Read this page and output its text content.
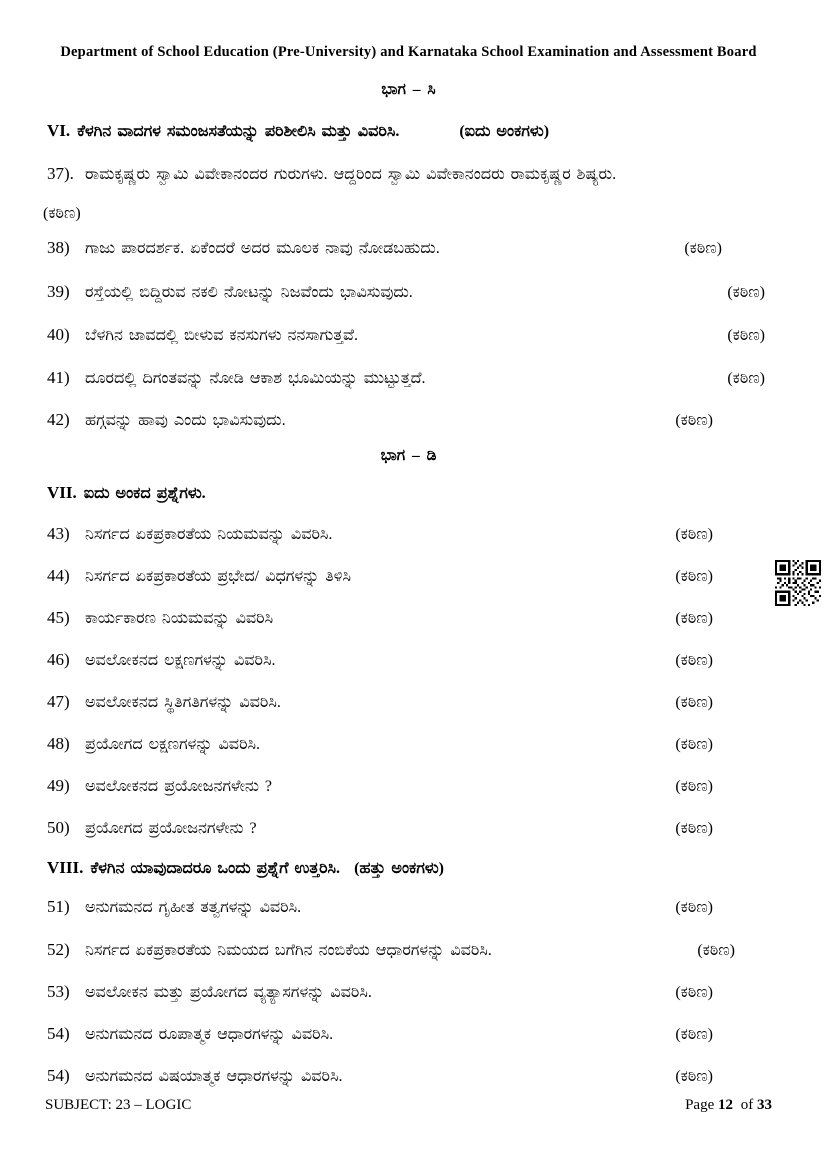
Department of School Education (Pre-University) and Karnataka School Examination and Assessment Board
ಭಾಗ – ಸಿ
VI. ಕೆಳಗಿನ ವಾದಗಳ ಸಮಂಜಸತೆಯನ್ನು ಪರಿಶೀಲಿಸಿ ಮತ್ತು ವಿವರಿಸಿ.	(ಐದು ಅಂಕಗಳು)
37). ರಾಮಕೃಷ್ಣರು ಸ್ವಾಮಿ ವಿವೇಕಾನಂದರ ಗುರುಗಳು. ಆದ್ದರಿಂದ ಸ್ವಾಮಿ ವಿವೇಕಾನಂದರು ರಾಮಕೃಷ್ಣರ ಶಿಷ್ಯರು.
(ಕಠಿಣ)
38) ಗಾಜು ಪಾರದರ್ಶಕ. ಏಕೆಂದರೆ ಅದರ ಮೂಲಕ ನಾವು ನೋಡಬಹುದು.	(ಕಠಿಣ)
39) ರಸ್ತೆಯಲ್ಲಿ ಬಿದ್ದಿರುವ ನಕಲಿ ನೋಟನ್ನು ನಿಜವೆಂದು ಭಾವಿಸುವುದು.	(ಕಠಿಣ)
40) ಬೆಳಗಿನ ಜಾವದಲ್ಲಿ ಬೀಳುವ ಕನಸುಗಳು ನನಸಾಗುತ್ತವೆ.	(ಕಠಿಣ)
41) ದೂರದಲ್ಲಿ ದಿಗಂತವನ್ನು ನೋಡಿ ಆಕಾಶ ಭೂಮಿಯನ್ನು ಮುಟ್ಟುತ್ತದೆ.	(ಕಠಿಣ)
42) ಹಗ್ಗವನ್ನು ಹಾವು ಎಂದು ಭಾವಿಸುವುದು.	(ಕಠಿಣ)
ಭಾಗ – ಡಿ
VII. ಐದು ಅಂಕದ ಪ್ರಶ್ನೆಗಳು.
43) ನಿಸರ್ಗದ ಏಕಪ್ರಕಾರತೆಯ ನಿಯಮವನ್ನು ವಿವರಿಸಿ.	(ಕಠಿಣ)
44) ನಿಸರ್ಗದ ಏಕಪ್ರಕಾರತೆಯ ಪ್ರಭೇದ/ ವಿಧಗಳನ್ನು ತಿಳಿಸಿ	(ಕಠಿಣ)
45) ಕಾರ್ಯಕಾರಣ ನಿಯಮವನ್ನು ವಿವರಿಸಿ	(ಕಠಿಣ)
46) ಅವಲೋಕನದ ಲಕ್ಷಣಗಳನ್ನು ವಿವರಿಸಿ.	(ಕಠಿಣ)
47) ಅವಲೋಕನದ ಸ್ಥಿತಿಗತಿಗಳನ್ನು ವಿವರಿಸಿ.	(ಕಠಿಣ)
48) ಪ್ರಯೋಗದ ಲಕ್ಷಣಗಳನ್ನು ವಿವರಿಸಿ.	(ಕಠಿಣ)
49) ಅವಲೋಕನದ ಪ್ರಯೋಜನಗಳೇನು ?	(ಕಠಿಣ)
50) ಪ್ರಯೋಗದ ಪ್ರಯೋಜನಗಳೇನು ?	(ಕಠಿಣ)
VIII. ಕೆಳಗಿನ ಯಾವುದಾದರೂ ಒಂದು ಪ್ರಶ್ನೆಗೆ ಉತ್ತರಿಸಿ. (ಹತ್ತು ಅಂಕಗಳು)
51) ಅನುಗಮನದ ಗೃಹೀತ ತತ್ವಗಳನ್ನು ವಿವರಿಸಿ.	(ಕಠಿಣ)
52) ನಿಸರ್ಗದ ಏಕಪ್ರಕಾರತೆಯ ನಿಮಯದ ಬಗೆಗಿನ ನಂಬಿಕೆಯ ಆಧಾರಗಳನ್ನು ವಿವರಿಸಿ.	(ಕಠಿಣ)
53) ಅವಲೋಕನ ಮತ್ತು ಪ್ರಯೋಗದ ವ್ಯತ್ಯಾಸಗಳನ್ನು ವಿವರಿಸಿ.	(ಕಠಿಣ)
54) ಅನುಗಮನದ ರೂಪಾತ್ಮಕ ಆಧಾರಗಳನ್ನು ವಿವರಿಸಿ.	(ಕಠಿಣ)
54) ಅನುಗಮನದ ವಿಷಯಾತ್ಮಕ ಆಧಾರಗಳನ್ನು ವಿವರಿಸಿ.	(ಕಠಿಣ)
SUBJECT: 23 – LOGIC	Page 12 of 33
